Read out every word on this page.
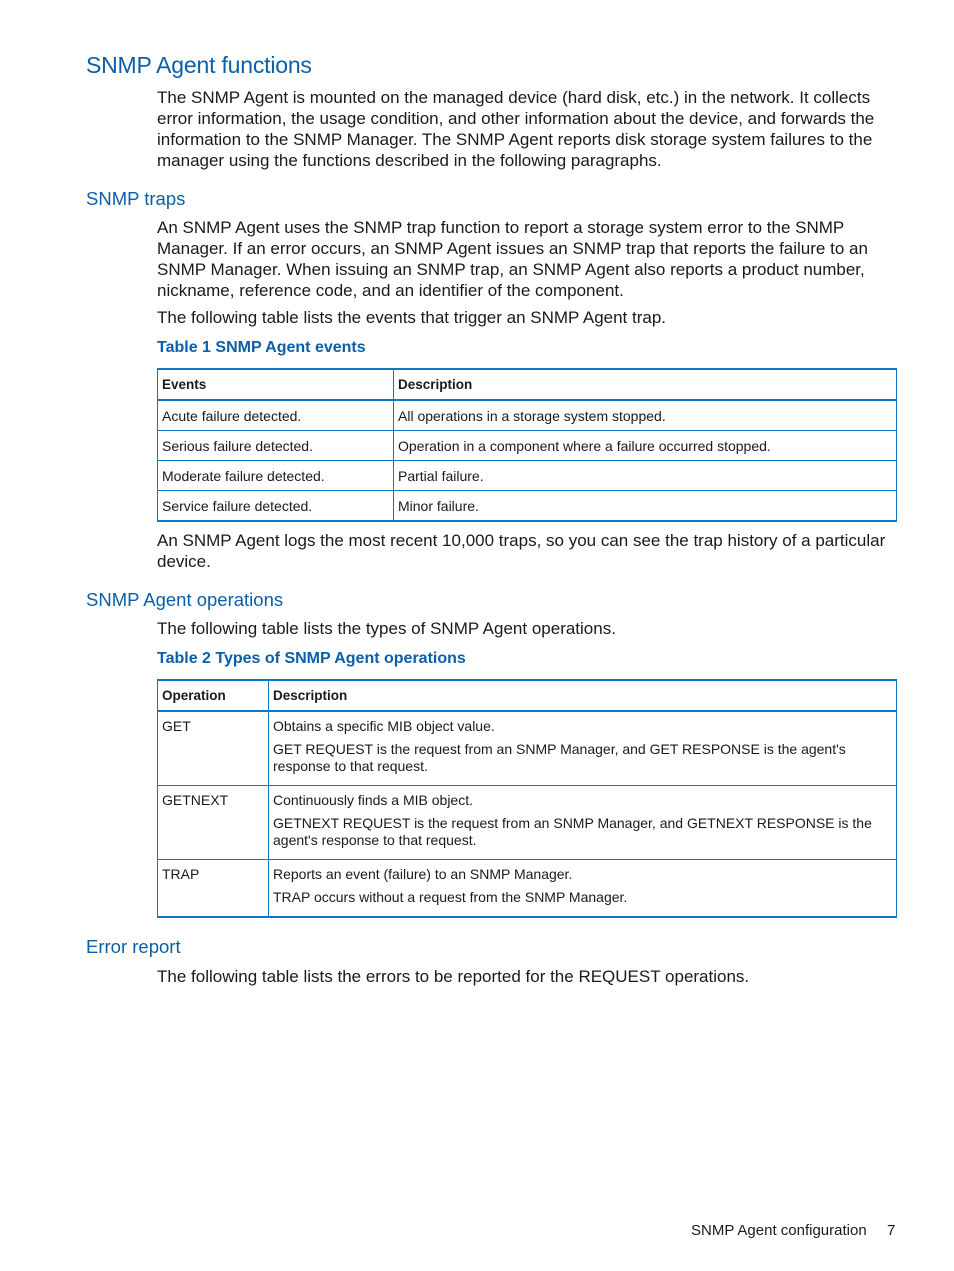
SNMP Agent functions

The SNMP Agent is mounted on the managed device (hard disk, etc.) in the network. It collects error information, the usage condition, and other information about the device, and forwards the information to the SNMP Manager. The SNMP Agent reports disk storage system failures to the manager using the functions described in the following paragraphs.

SNMP traps

An SNMP Agent uses the SNMP trap function to report a storage system error to the SNMP Manager. If an error occurs, an SNMP Agent issues an SNMP trap that reports the failure to an SNMP Manager. When issuing an SNMP trap, an SNMP Agent also reports a product number, nickname, reference code, and an identifier of the component.

The following table lists the events that trigger an SNMP Agent trap.

Table 1 SNMP Agent events
Events	Description
Acute failure detected.	All operations in a storage system stopped.
Serious failure detected.	Operation in a component where a failure occurred stopped.
Moderate failure detected.	Partial failure.
Service failure detected.	Minor failure.

An SNMP Agent logs the most recent 10,000 traps, so you can see the trap history of a particular device.

SNMP Agent operations

The following table lists the types of SNMP Agent operations.

Table 2 Types of SNMP Agent operations
Operation	Description
GET	Obtains a specific MIB object value.
GET REQUEST is the request from an SNMP Manager, and GET RESPONSE is the agent's response to that request.

GETNEXT	Continuously finds a MIB object.
GETNEXT REQUEST is the request from an SNMP Manager, and GETNEXT RESPONSE is the agent's response to that request.

TRAP	Reports an event (failure) to an SNMP Manager.
TRAP occurs without a request from the SNMP Manager.
Error report

The following table lists the errors to be reported for the REQUEST operations.

SNMP Agent configuration 7
